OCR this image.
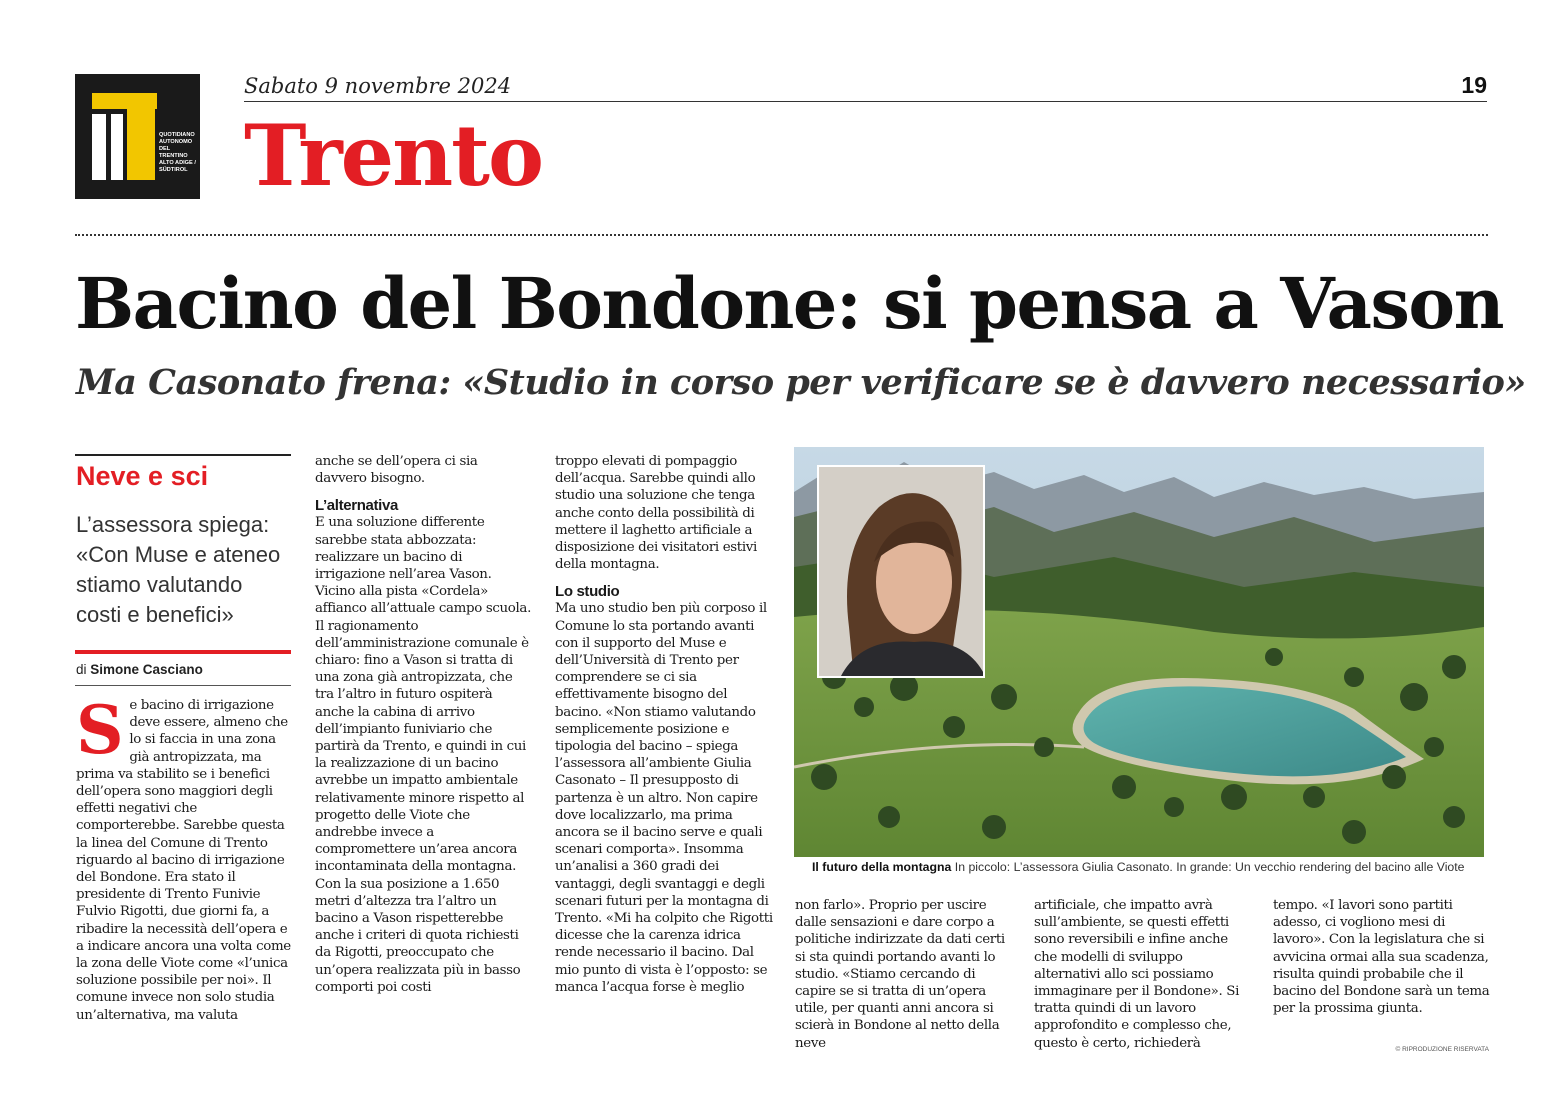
QUOTIDIANO
AUTONOMO
DEL TRENTINO
ALTO ADIGE /
SÜDTIROL
Sabato 9 novembre 2024	19
Trento
Bacino del Bondone: si pensa a Vason
Ma Casonato frena: «Studio in corso per verificare se è davvero necessario»
Neve e sci
L’assessora spiega: «Con Muse e ateneo stiamo valutando costi e benefici»
di Simone Casciano
S e bacino di irrigazione deve essere, almeno che lo si faccia in una zona già antropizzata, ma prima va stabilito se i benefici dell’opera sono maggiori degli effetti negativi che comporterebbe. Sarebbe questa la linea del Comune di Trento riguardo al bacino di irrigazione del Bondone. Era stato il presidente di Trento Funivie Fulvio Rigotti, due giorni fa, a ribadire la necessità dell’opera e a indicare ancora una volta come la zona delle Viote come «l’unica soluzione possibile per noi». Il comune invece non solo studia un’alternativa, ma valuta

anche se dell’opera ci sia davvero bisogno.

L’alternativa

E una soluzione differente sarebbe stata abbozzata: realizzare un bacino di irrigazione nell’area Vason. Vicino alla pista «Cordela» affianco all’attuale campo scuola. Il ragionamento dell’amministrazione comunale è chiaro: fino a Vason si tratta di una zona già antropizzata, che tra l’altro in futuro ospiterà anche la cabina di arrivo dell’impianto funiviario che partirà da Trento, e quindi in cui la realizzazione di un bacino avrebbe un impatto ambientale relativamente minore rispetto al progetto delle Viote che andrebbe invece a compromettere un’area ancora incontaminata della montagna. Con la sua posizione a 1.650 metri d’altezza tra l’altro un bacino a Vason rispetterebbe anche i criteri di quota richiesti da Rigotti, preoccupato che un’opera realizzata più in basso comporti poi costi

troppo elevati di pompaggio dell’acqua. Sarebbe quindi allo studio una soluzione che tenga anche conto della possibilità di mettere il laghetto artificiale a disposizione dei visitatori estivi della montagna.

Lo studio

Ma uno studio ben più corposo il Comune lo sta portando avanti con il supporto del Muse e dell’Università di Trento per comprendere se ci sia effettivamente bisogno del bacino. «Non stiamo valutando semplicemente posizione e tipologia del bacino – spiega l’assessora all’ambiente Giulia Casonato – Il presupposto di partenza è un altro. Non capire dove localizzarlo, ma prima ancora se il bacino serve e quali scenari comporta». Insomma un’analisi a 360 gradi dei vantaggi, degli svantaggi e degli scenari futuri per la montagna di Trento. «Mi ha colpito che Rigotti dicesse che la carenza idrica rende necessario il bacino. Dal mio punto di vista è l’opposto: se manca l’acqua forse è meglio

Il futuro della montagna In piccolo: L’assessora Giulia Casonato. In grande: Un vecchio rendering del bacino alle Viote

non farlo». Proprio per uscire dalle sensazioni e dare corpo a politiche indirizzate da dati certi si sta quindi portando avanti lo studio. «Stiamo cercando di capire se si tratta di un’opera utile, per quanti anni ancora si scierà in Bondone al netto della neve

artificiale, che impatto avrà sull’ambiente, se questi effetti sono reversibili e infine anche che modelli di sviluppo alternativi allo sci possiamo immaginare per il Bondone». Si tratta quindi di un lavoro approfondito e complesso che, questo è certo, richiederà

tempo. «I lavori sono partiti adesso, ci vogliono mesi di lavoro». Con la legislatura che si avvicina ormai alla sua scadenza, risulta quindi probabile che il bacino del Bondone sarà un tema per la prossima giunta.

© RIPRODUZIONE RISERVATA
